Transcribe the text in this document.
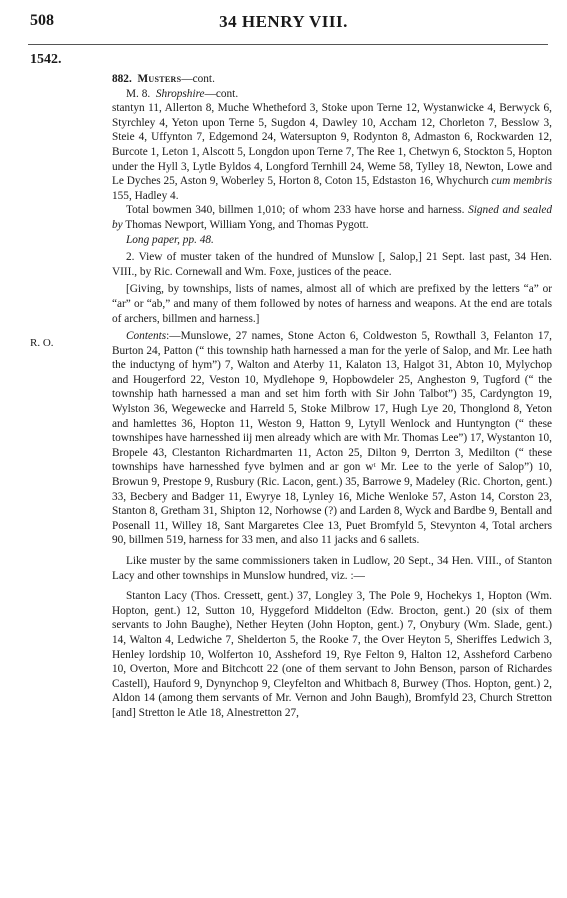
508	34 HENRY VIII.
1542.
R. O.

882. Musters—cont.

M. 8. Shropshire—cont.

stantyn 11, Allerton 8, Muche Whetheford 3, Stoke upon Terne 12, Wystanwicke 4, Berwyck 6, Styrchley 4, Yeton upon Terne 5, Sugdon 4, Dawley 10, Accham 12, Chorleton 7, Besslow 3, Steie 4, Uffynton 7, Edgemond 24, Watersupton 9, Rodynton 8, Admaston 6, Rockwarden 12, Burcote 1, Leton 1, Alscott 5, Longdon upon Terne 7, The Ree 1, Chetwyn 6, Stockton 5, Hopton under the Hyll 3, Lytle Byldos 4, Longford Ternhill 24, Weme 58, Tylley 18, Newton, Lowe and Le Dyches 25, Aston 9, Woberley 5, Horton 8, Coton 15, Edstaston 16, Whychurch cum membris 155, Hadley 4.

Total bowmen 340, billmen 1,010; of whom 233 have horse and harness. Signed and sealed by Thomas Newport, William Yong, and Thomas Pygott.

Long paper, pp. 48.

2. View of muster taken of the hundred of Munslow [, Salop,] 21 Sept. last past, 34 Hen. VIII., by Ric. Cornewall and Wm. Foxe, justices of the peace.

[Giving, by townships, lists of names, almost all of which are prefixed by the letters “a” or “ar” or “ab,” and many of them followed by notes of harness and weapons. At the end are totals of archers, billmen and harness.]

Contents:—Munslowe, 27 names, Stone Acton 6, Coldweston 5, Rowthall 3, Felanton 17, Burton 24, Patton (“ this township hath harnessed a man for the yerle of Salop, and Mr. Lee hath the inductyng of hym”) 7, Walton and Aterby 11, Kalaton 13, Halgot 31, Abton 10, Mylychop and Hougerford 22, Veston 10, Mydlehope 9, Hopbowdeler 25, Angheston 9, Tugford (“ the township hath harnessed a man and set him forth with Sir John Talbot”) 35, Cardyngton 19, Wylston 36, Wegewecke and Harreld 5, Stoke Milbrow 17, Hugh Lye 20, Thonglond 8, Yeton and hamlettes 36, Hopton 11, Weston 9, Hatton 9, Lytyll Wenlock and Huntyngton (“ these townshipes have harnesshed iij men already which are with Mr. Thomas Lee”) 17, Wystanton 10, Bropele 43, Clestanton Richardmarten 11, Acton 25, Dilton 9, Derrton 3, Medilton (“ these townships have harnesshed fyve bylmen and ar gon wᵗ Mr. Lee to the yerle of Salop”) 10, Browun 9, Prestope 9, Rusbury (Ric. Lacon, gent.) 35, Barrowe 9, Madeley (Ric. Chorton, gent.) 33, Becbery and Badger 11, Ewyrye 18, Lynley 16, Miche Wenloke 57, Aston 14, Corston 23, Stanton 8, Gretham 31, Shipton 12, Norhowse (?) and Larden 8, Wyck and Bardbe 9, Bentall and Posenall 11, Willey 18, Sant Margaretes Clee 13, Puet Bromfyld 5, Stevynton 4, Total archers 90, billmen 519, harness for 33 men, and also 11 jacks and 6 sallets.

Like muster by the same commissioners taken in Ludlow, 20 Sept., 34 Hen. VIII., of Stanton Lacy and other townships in Munslow hundred, viz. :—

Stanton Lacy (Thos. Cressett, gent.) 37, Longley 3, The Pole 9, Hochekys 1, Hopton (Wm. Hopton, gent.) 12, Sutton 10, Hyggeford Middelton (Edw. Brocton, gent.) 20 (six of them servants to John Baughe), Nether Heyten (John Hopton, gent.) 7, Onybury (Wm. Slade, gent.) 14, Walton 4, Ledwiche 7, Shelderton 5, the Rooke 7, the Over Heyton 5, Sheriffes Ledwich 3, Henley lordship 10, Wolferton 10, Assheford 19, Rye Felton 9, Halton 12, Assheford Carbeno 10, Overton, More and Bitchcott 22 (one of them servant to John Benson, parson of Richardes Castell), Hauford 9, Dynynchop 9, Cleyfelton and Whitbach 8, Burwey (Thos. Hopton, gent.) 2, Aldon 14 (among them servants of Mr. Vernon and John Baugh), Bromfyld 23, Church Stretton [and] Stretton le Atle 18, Alnestretton 27,
